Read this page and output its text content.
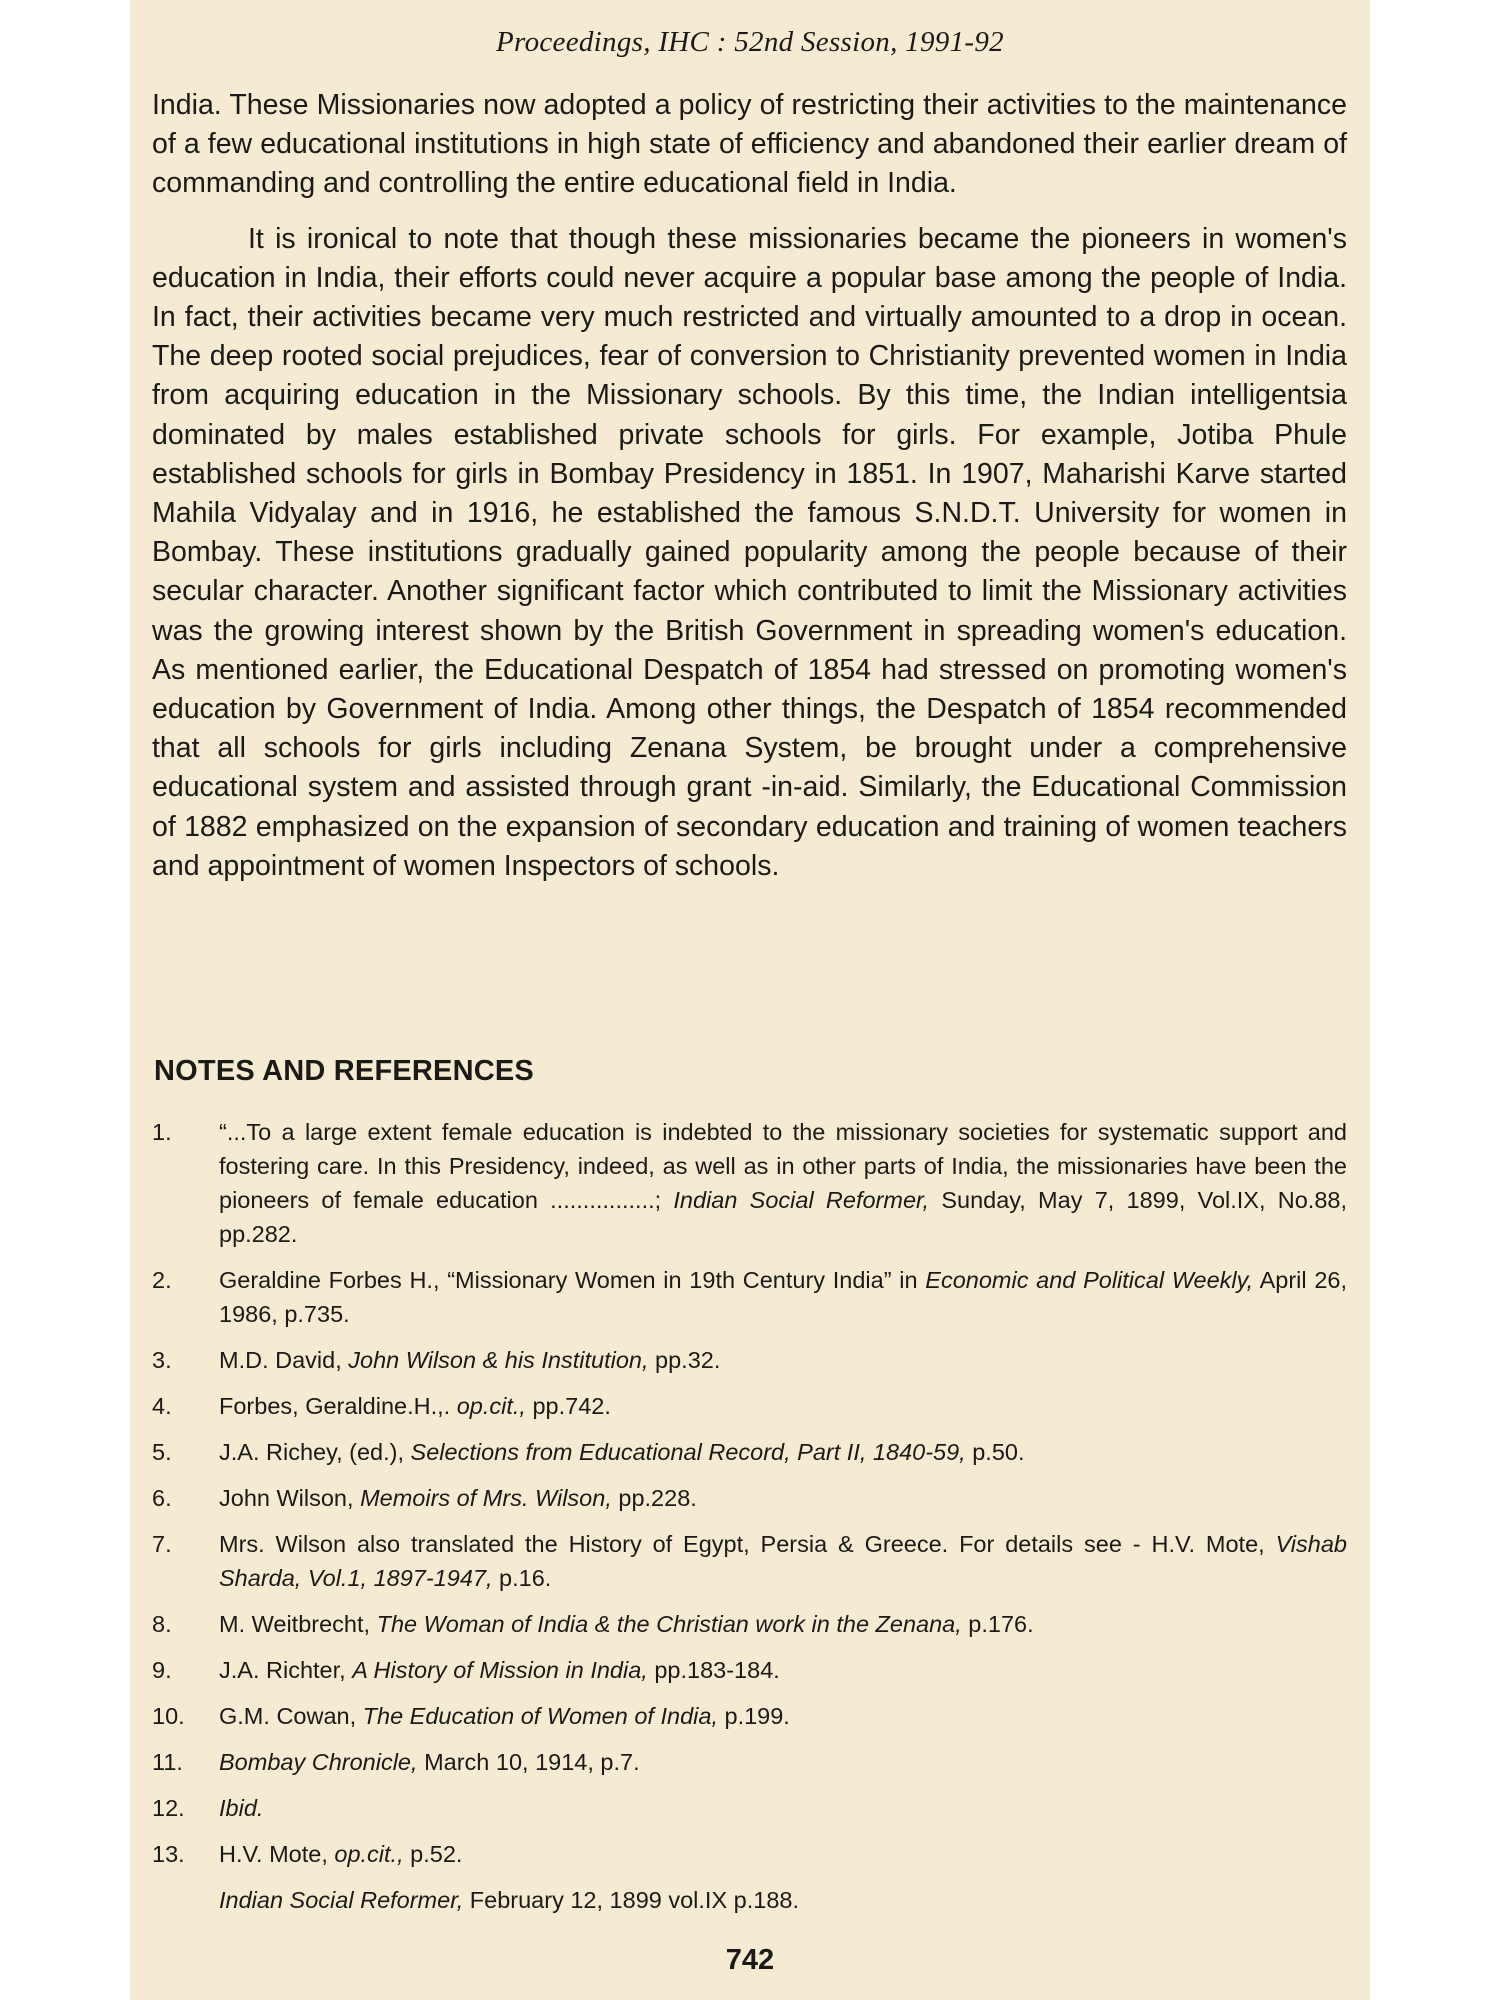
Proceedings, IHC : 52nd Session, 1991-92

India. These Missionaries now adopted a policy of restricting their activities to the maintenance of a few educational institutions in high state of efficiency and abandoned their earlier dream of commanding and controlling the entire educational field in India.

It is ironical to note that though these missionaries became the pioneers in women's education in India, their efforts could never acquire a popular base among the people of India. In fact, their activities became very much restricted and virtually amounted to a drop in ocean. The deep rooted social prejudices, fear of conversion to Christianity prevented women in India from acquiring education in the Missionary schools. By this time, the Indian intelligentsia dominated by males established private schools for girls. For example, Jotiba Phule established schools for girls in Bombay Presidency in 1851. In 1907, Maharishi Karve started Mahila Vidyalay and in 1916, he established the famous S.N.D.T. University for women in Bombay. These institutions gradually gained popularity among the people because of their secular character. Another significant factor which contributed to limit the Missionary activities was the growing interest shown by the British Government in spreading women's education. As mentioned earlier, the Educational Despatch of 1854 had stressed on promoting women's education by Government of India. Among other things, the Despatch of 1854 recommended that all schools for girls including Zenana System, be brought under a comprehensive educational system and assisted through grant -in-aid. Similarly, the Educational Commission of 1882 emphasized on the expansion of secondary education and training of women teachers and appointment of women Inspectors of schools.

NOTES AND REFERENCES
1.	“...To a large extent female education is indebted to the missionary societies for systematic support and fostering care. In this Presidency, indeed, as well as in other parts of India, the missionaries have been the pioneers of female education ................; Indian Social Reformer, Sunday, May 7, 1899, Vol.IX, No.88, pp.282.
2.	Geraldine Forbes H., “Missionary Women in 19th Century India” in Economic and Political Weekly, April 26, 1986, p.735.
3.	M.D. David, John Wilson & his Institution, pp.32.
4.	Forbes, Geraldine.H.,. op.cit., pp.742.
5.	J.A. Richey, (ed.), Selections from Educational Record, Part II, 1840-59, p.50.
6.	John Wilson, Memoirs of Mrs. Wilson, pp.228.
7.	Mrs. Wilson also translated the History of Egypt, Persia & Greece. For details see - H.V. Mote, Vishab Sharda, Vol.1, 1897-1947, p.16.
8.	M. Weitbrecht, The Woman of India & the Christian work in the Zenana, p.176.
9.	J.A. Richter, A History of Mission in India, pp.183-184.
10.	G.M. Cowan, The Education of Women of India, p.199.
11.	Bombay Chronicle, March 10, 1914, p.7.
12.	Ibid.
13.	H.V. Mote, op.cit., p.52.
Indian Social Reformer, February 12, 1899 vol.IX p.188.
742
